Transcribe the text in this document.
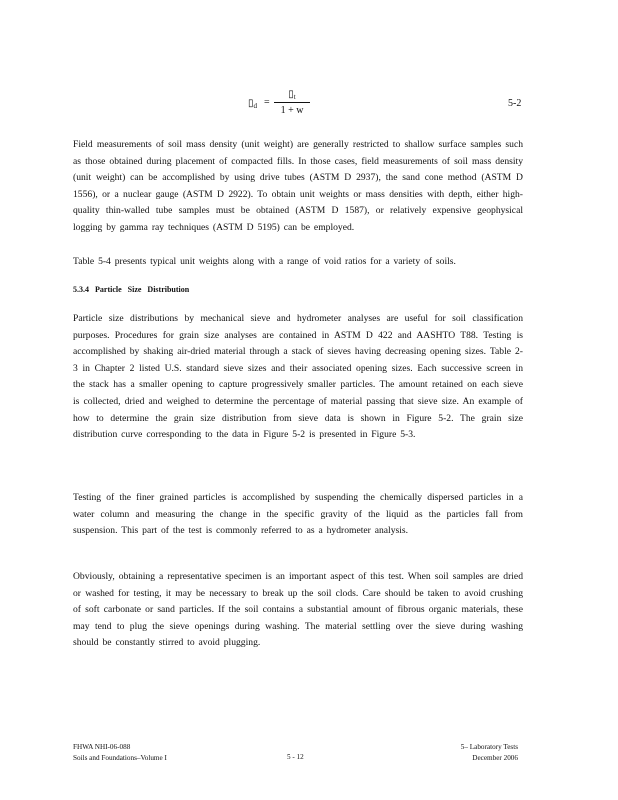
$▯_d$ =
$▯_t$
1 + w
5-2

Field measurements of soil mass density (unit weight) are generally restricted to shallow surface samples such as those obtained during placement of compacted fills. In those cases, field measurements of soil mass density (unit weight) can be accomplished by using drive tubes (ASTM D 2937), the sand cone method (ASTM D 1556), or a nuclear gauge (ASTM D 2922). To obtain unit weights or mass densities with depth, either high-quality thin-walled tube samples must be obtained (ASTM D 1587), or relatively expensive geophysical logging by gamma ray techniques (ASTM D 5195) can be employed.

Table 5-4 presents typical unit weights along with a range of void ratios for a variety of soils.

5.3.4 Particle Size Distribution

Particle size distributions by mechanical sieve and hydrometer analyses are useful for soil classification purposes. Procedures for grain size analyses are contained in ASTM D 422 and AASHTO T88. Testing is accomplished by shaking air-dried material through a stack of sieves having decreasing opening sizes. Table 2-3 in Chapter 2 listed U.S. standard sieve sizes and their associated opening sizes. Each successive screen in the stack has a smaller opening to capture progressively smaller particles. The amount retained on each sieve is collected, dried and weighed to determine the percentage of material passing that sieve size. An example of how to determine the grain size distribution from sieve data is shown in Figure 5-2. The grain size distribution curve corresponding to the data in Figure 5-2 is presented in Figure 5-3.

Testing of the finer grained particles is accomplished by suspending the chemically dispersed particles in a water column and measuring the change in the specific gravity of the liquid as the particles fall from suspension. This part of the test is commonly referred to as a hydrometer analysis.

Obviously, obtaining a representative specimen is an important aspect of this test. When soil samples are dried or washed for testing, it may be necessary to break up the soil clods. Care should be taken to avoid crushing of soft carbonate or sand particles. If the soil contains a substantial amount of fibrous organic materials, these may tend to plug the sieve openings during washing. The material settling over the sieve during washing should be constantly stirred to avoid plugging.

FHWA NHI-06-088
Soils and Foundations–Volume I	5 - 12
5– Laboratory Tests
December 2006
